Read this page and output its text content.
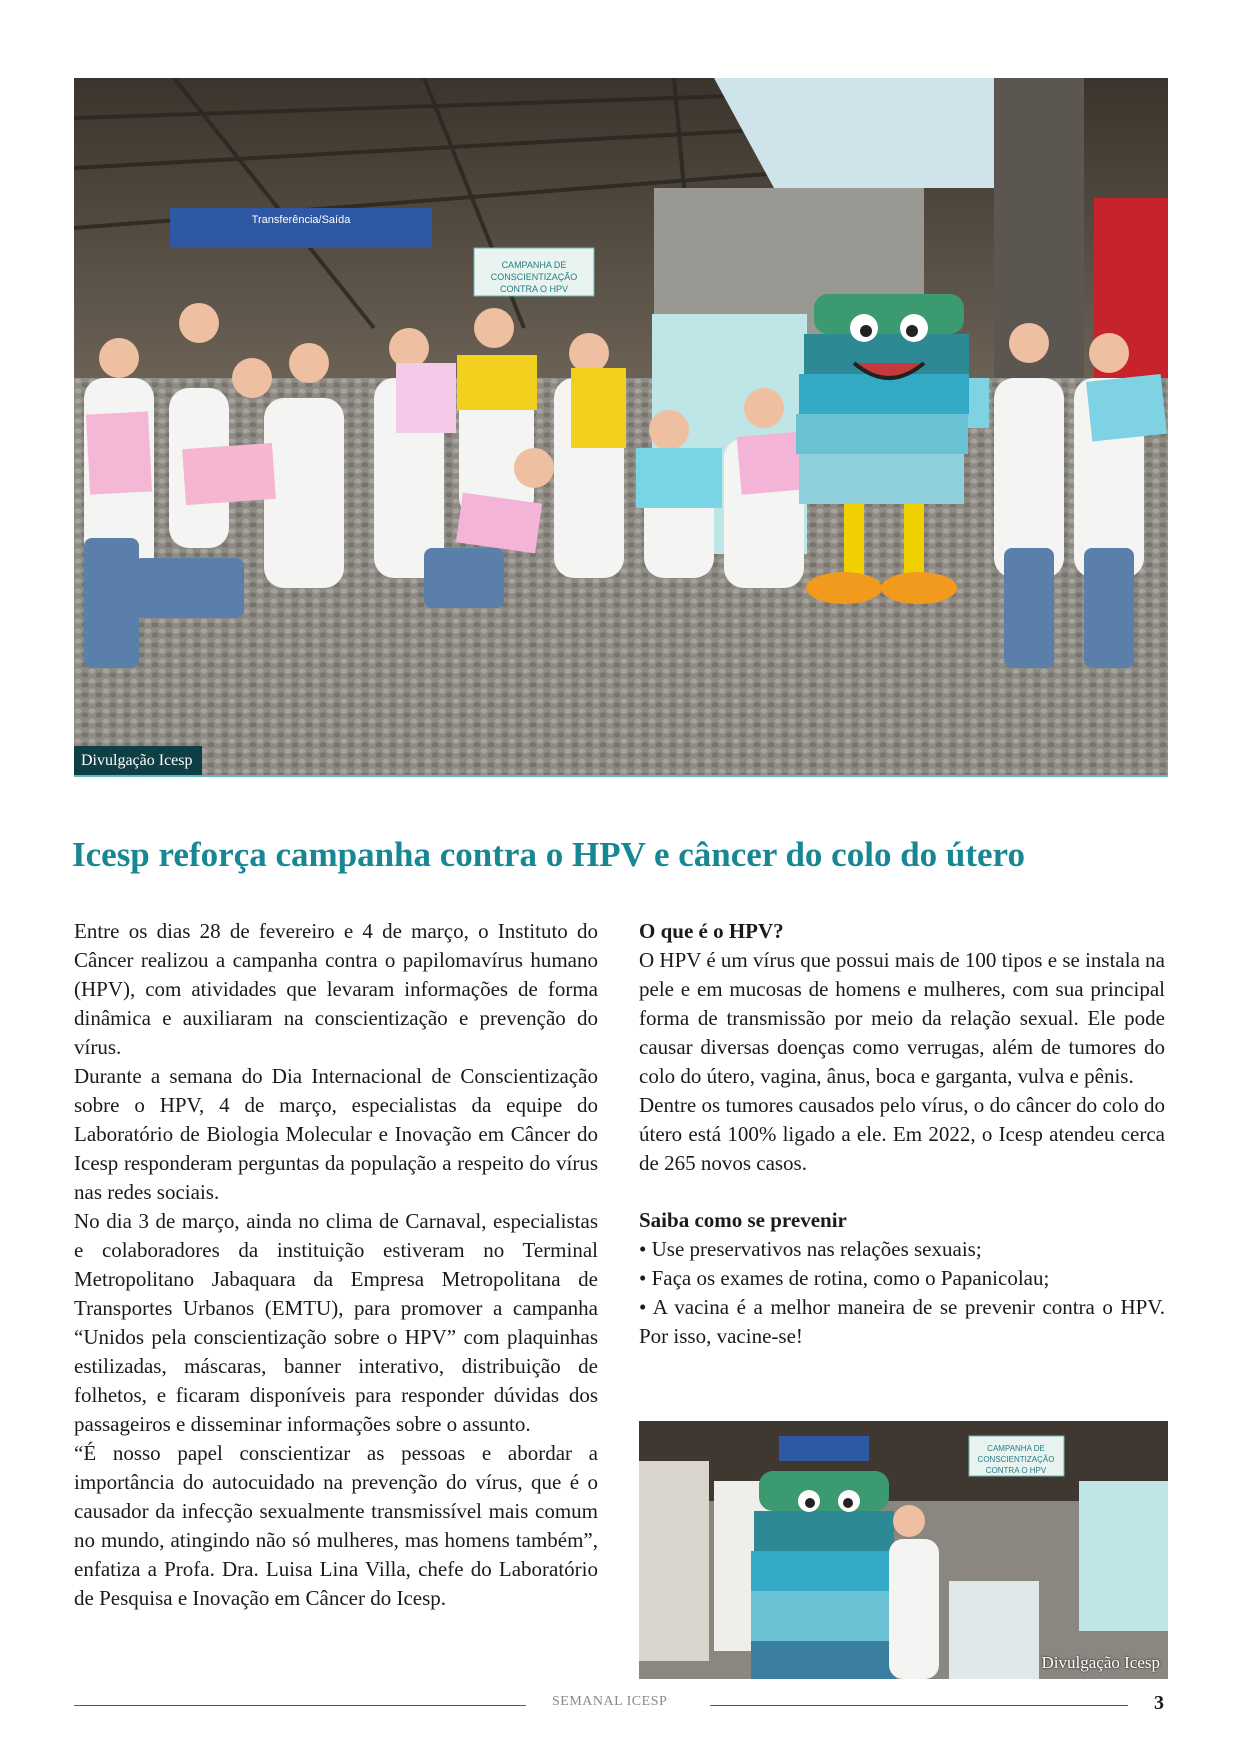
Transferência/Saída
CAMPANHA DE
CONSCIENTIZAÇÃO
CONTRA O HPV
Divulgação Icesp
Icesp reforça campanha contra o HPV e câncer do colo do útero

Entre os dias 28 de fevereiro e 4 de março, o Instituto do Câncer realizou a campanha contra o papilomavírus humano (HPV), com atividades que levaram informações de forma dinâmica e auxiliaram na conscientização e prevenção do vírus.

Durante a semana do Dia Internacional de Conscientização sobre o HPV, 4 de março, especialistas da equipe do Laboratório de Biologia Molecular e Inovação em Câncer do Icesp responderam perguntas da população a respeito do vírus nas redes sociais.

No dia 3 de março, ainda no clima de Carnaval, especialistas e colaboradores da instituição estiveram no Terminal Metropolitano Jabaquara da Empresa Metropolitana de Transportes Urbanos (EMTU), para promover a campanha “Unidos pela conscientização sobre o HPV” com plaquinhas estilizadas, máscaras, banner interativo, distribuição de folhetos, e ficaram disponíveis para responder dúvidas dos passageiros e disseminar informações sobre o assunto.

“É nosso papel conscientizar as pessoas e abordar a importância do autocuidado na prevenção do vírus, que é o causador da infecção sexualmente transmissível mais comum no mundo, atingindo não só mulheres, mas homens também”, enfatiza a Profa. Dra. Luisa Lina Villa, chefe do Laboratório de Pesquisa e Inovação em Câncer do Icesp.

O que é o HPV?

O HPV é um vírus que possui mais de 100 tipos e se instala na pele e em mucosas de homens e mulheres, com sua principal forma de transmissão por meio da relação sexual. Ele pode causar diversas doenças como verrugas, além de tumores do colo do útero, vagina, ânus, boca e garganta, vulva e pênis.

Dentre os tumores causados pelo vírus, o do câncer do colo do útero está 100% ligado a ele. Em 2022, o Icesp atendeu cerca de 265 novos casos.

Saiba como se prevenir
• Use preservativos nas relações sexuais;
• Faça os exames de rotina, como o Papanicolau;
• A vacina é a melhor maneira de se prevenir contra o HPV. Por isso, vacine-se!
CAMPANHA DE
CONSCIENTIZAÇÃO
CONTRA O HPV
Divulgação Icesp
SEMANAL ICESP	3
